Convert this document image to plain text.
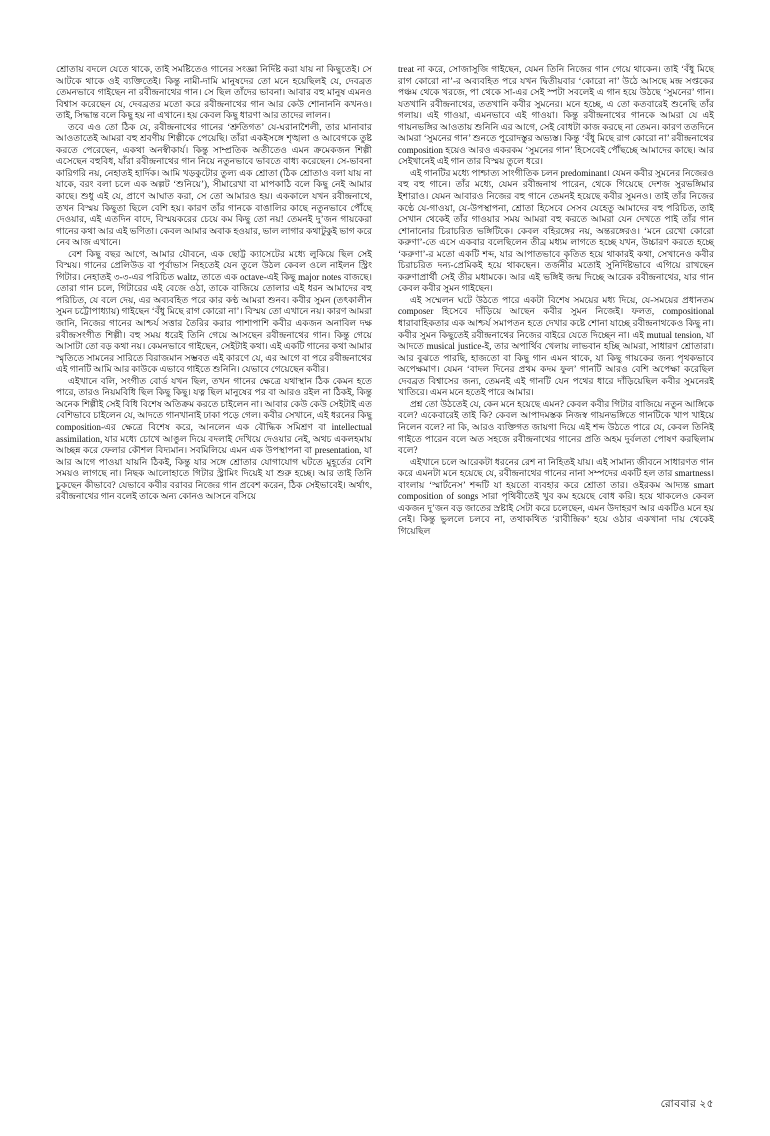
শ্রোতায় বদলে যেতে থাকে, তাই সমষ্টিতেও গানের সংজ্ঞা নির্দিষ্ট করা যায় না কিছুতেই। সে আটকে থাকে ওই ব্যক্তিতেই। কিন্তু নামী-দামি মানুষদের তো মনে হয়েছিলই যে, দেবব্রত তেমনভাবে গাইছেন না রবীন্দ্রনাথের গান। সে ছিল তাঁদের ভাবনা। আবার বহু মানুষ এমনও বিশ্বাস করেছেন যে, দেবব্রতর মতো করে রবীন্দ্রনাথের গান আর কেউ শোনাননি কখনও। তাই, সিদ্ধান্ত বলে কিছু হয় না এখানে। হয় কেবল কিছু ধারণা আর তাদের লালন।

তবে এও তো ঠিক যে, রবীন্দ্রনাথের গানের ‘শ্রুতিগত’ যে-ঘরানাশৈলী, তার মানাবার আওতাতেই আমরা বহু শ্রবণীয় শিল্পীকে পেয়েছি। তাঁরা একইসঙ্গে শৃঙ্খলা ও আবেগকে তুষ্ট করতে পেরেছেন, একথা অনস্বীকার্য। কিন্তু সাম্প্রতিক অতীতেও এমন ক্রমেকজন শিল্পী এসেছেন বহুবিধ, যাঁরা রবীন্দ্রনাথের গান নিয়ে নতুনভাবে ভাবতে বাধ্য করেছেন। সে-ভাবনা কারিগরি নয়, নেহাতই হার্দিক। আমি খড়কুটোর তুল্য এক শ্রোতা (ঠিক শ্রোতাও বলা যায় না যাকে, বরং বলা চলে এক অল্পট ‘শুনিয়ে’), সীমারেখা বা মাপকাঠি বলে কিছু নেই আমার কাছে। শুধু এই যে, প্রাণে আঘাত করা, সে তো আমারও হয়। এককালে যখন রবীন্দ্রনাথে, তখন বিস্ময় কিছুতা ছিলে বেশি হয়। কারণ তাঁর গানকে বাঙালির কাছে নতুনভাবে পৌঁছে দেওয়ার, এই এতদিন বাদে, বিস্ময়করের চেয়ে কম কিছু তো নয়! তেমনই দু’জন গায়কেরা গানের কথা আর এই ভণিতা। কেবল আমার অবাক হওয়ার, ভাল লাগার কথাটুকুই ভাগ করে নেব আজ এখানে।

বেশ কিছু বছর আগে, আমার যৌবনে, এক ছোট্ট ক্যাসেটের মধ্যে লুকিয়ে ছিল সেই বিস্ময়। গানের প্রেলিউড বা পূর্বাভাস নিহতেই যেন তুলে উঠল কেবল ওলে নাইলন স্ট্রিং গিটার। নেহাতই ৩-৩-এর পরিচিত waltz, তাতে এক octave-এই কিছু major notes বাজছে। তোরা গান চলে, গিটারের এই বেজে ওঠা, তাকে বাজিয়ে তোলার এই ধরন আমাদের বহু পরিচিত, যে বলে দেয়, এর অব্যবহিত পরে কার কণ্ঠ আমরা শুনব। কবীর সুমন (তৎকালীন সুমন চট্টোপাধ্যায়) গাইছেন ‘বঁধু মিছে রাগ কোরো না’। বিস্ময় তো এখানে নয়। কারণ আমরা জানি, নিজের গানের আশ্চর্য সত্তার তৈরির করার পাশাপাশি কবীর একজন অনাবিল দক্ষ রবীন্দ্রসংগীত শিল্পী। বহু সময় ধরেই তিনি গেয়ে আসছেন রবীন্দ্রনাথের গান। কিন্তু গেয়ে আসাটা তো বড় কথা নয়। কেমনভাবে গাইছেন, সেইটাই কথা। এই একটি গানের কথা আমার স্মৃতিতে সামনের সারিতে বিরাজমান সম্ভবত এই কারণে যে, এর আগে বা পরে রবীন্দ্রনাথের এই গানটি আমি আর কাউকে এভাবে গাইতে শুনিনি। যেভাবে গেয়েছেন কবীর।

এইখানে বলি, সংগীত বোর্ড যখন ছিল, তখন গানের ক্ষেত্রে যথাস্থান ঠিক কেমন হতে পারে, তারও নিয়মবিধি ছিল কিছু কিছু। যত্ন ছিল মানুষের পর বা আরও রইল না ঠিকই, কিন্তু অনেক শিল্পীই সেই বিধি বিশেষ অতিক্রম করতে চাইলেন না। আবার কেউ কেউ সেইটাই এত বেশিভাবে চাইলেন যে, আদতে গানখানাই ঢাকা পড়ে গেল। কবীর সেখানে, এই ধরনের কিছু composition-এর ক্ষেত্রে বিশেষ করে, আনলেন এক বৌদ্ধিক সমিশ্রণ বা intellectual assimilation, যার মধ্যে চোখে আঙুল দিয়ে বদলাই দেখিয়ে দেওয়ার নেই, অথচ একলহমায় আচ্ছন্ন করে ফেলার কৌশল বিদ্যমান। সবমিলিয়ে এমন এক উপস্থাপনা বা presentation, যা আর আগে পাওয়া যায়নি ঠিকই, কিন্তু যার সঙ্গে শ্রোতার যোগাযোগ ঘটতে মুহূর্তের বেশি সময়ও লাগছে না। নিছক আলোহাতে গিটার স্ট্রামিং দিয়েই যা শুরু হচ্ছে। আর তাই তিনি চুকছেন কীভাবে? যেভাবে কবীর বরাবর নিজের গান প্রবেশ করেন, ঠিক সেইভাবেই। অর্থাৎ, রবীন্দ্রনাথের গান বলেই তাকে অন্য কোনও আসনে বসিয়ে

treat না করে, সোজাসুজি গাইছেন, যেমন তিনি নিজের গান গেয়ে থাকেন। তাই ‘বঁধু মিছে রাগ কোরো না’-র অব্যবহিত পরে যখন দ্বিতীয়বার ‘কোরো না’ উঠে আসছে মন্দ্র সপ্তকের পঞ্চম থেকে খরজে, পা থেকে সা-এর সেই স্পটা সবলেই এ গান হয়ে উঠছে ‘সুমনের’ গান। যতখানি রবীন্দ্রনাথের, ততখানি কবীর সুমনের। মনে হচ্ছে, এ তো কতবারেই শুনেছি তাঁর গলায়। এই গাওয়া, এমনভাবে এই গাওয়া। কিন্তু রবীন্দ্রনাথের গানকে আমরা যে এই গায়নভঙ্গির আওতায় শুনিনি এর আগে, সেই বোধটা কাজ করছে না তেমন। কারণ ততদিনে আমরা ‘সুমনের গান’ শুনতে পুরোদস্তুর অভ্যস্ত। কিন্তু ‘বঁধু মিছে রাগ কোরো না’ রবীন্দ্রনাথের composition হয়েও আরও একরকম ‘সুমনের গান’ হিসেবেই পৌঁছচ্ছে আমাদের কাছে। আর সেইখানেই এই গান তার বিস্ময় তুলে ধরে।

এই গানটির মধ্যে পাশ্চাত্য সাংগীতিক চলন predominant। যেমন কবীর সুমনের নিজেরও বহু বহু গানে। তাঁর মধ্যে, যেমন রবীন্দ্রনাথ পারেন, থেকে গিয়েছে দেশজ সুরভঙ্গিমার ইশারাও। যেমন আবারও নিজের বহু গানে তেমনই হয়েছে কবীর সুমনও। তাই তাঁর নিজের কণ্ঠে যে-গাওয়া, যে-উপস্থাপনা, শ্রোতা হিসেবে সেসব যেহেতু আমাদের বহু পরিচিত, তাই সেখান থেকেই তাঁর গাওয়ার সময় আমরা বহু করতে আমরা যেন দেখতে পাই তাঁর গান শোনানোর চিরাচরিত ভঙ্গিটিকে। কেবল বহিরঙ্গের নয়, অন্তরঙ্গেরও। ‘মনে রেখো কোরো করুণা’-তে এসে একবার বলেছিলেন তীব্র মধ্যম লাগতে হচ্ছে যখন, উচ্চারণ করতে হচ্ছে ‘করুণা’-র মতো একটি শব্দ, যার আপাতভাবে কৃতিত হয়ে থাকারই কথা, সেখানেও কবীর চিরাচরিত দন্য-প্রেমিকই হয়ে থাকছেন। তর্জনীর মতোই সুনির্দিষ্টভাবে এগিয়ে রাখছেন করুণাপ্রার্থী সেই তীর মধামকে। আর এই ভঙ্গিই জন্ম দিচ্ছে আরেক রবীন্দ্রনাথের, যার গান কেবল কবীর সুমন গাইছেন।

এই সম্মেলন ঘটে উঠতে পারে একটা বিশেষ সময়ের মধ্য দিয়ে, যে-সময়ের প্রধানতম composer হিসেবে দাঁড়িয়ে আছেন কবীর সুমন নিজেই। ফলত, compositional ধারাবাহিকতার এক আশ্চর্য সমাপতন হতে দেখার কষ্টে শোনা যাচ্ছে রবীন্দ্রনাথকেও কিছু না। কবীর সুমন কিছুতেই রবীন্দ্রনাথের নিজের বাইরে যেতে দিচ্ছেন না। এই mutual tension, যা আদতে musical justice-ই, তার অপার্থিব খেলায় লাভবান হচ্ছি আমরা, সাধারণ শ্রোতারা। আর বুঝতে পারছি, হাজতো বা কিছু গান এমন থাকে, যা কিছু গায়কের জন্য পৃথকভাবে অপেক্ষমাণ। যেমন ‘বাদল দিনের প্রথম কদম ফুল’ গানটি আরও বেশি অপেক্ষা করেছিল দেবব্রত বিশ্বাসের জন্য, তেমনই এই গানটি যেন পথের ধারে দাঁড়িয়েছিল কবীর সুমনেরই খাতিরে। এমন মনে হতেই পারে আমার।

প্রশ্ন তো উঠতেই যে, কেন মনে হয়েছে এমন? কেবল কবীর গিটার বাজিয়ে নতুন আঙ্গিকে বলে? একেবারেই তাই কি? কেবল আপাদমস্তক নিজস্ব গায়নভঙ্গিতে গানটিকে খাপ খাইয়ে নিলেন বলে? না কি, আরও ব্যক্তিগত জায়গা দিয়ে এই শব্দ উঠতে পারে যে, কেবল তিনিই গাইতে পারেন বলে অত সহজে রবীন্দ্রনাথের গানের প্রতি অহম দুর্বলতা পোষণ করছিলাম বলে?

এইখানে চলে আরেকটা ধরনের রেশ না নিহিতই যায়। এই সামান্য জীবনে সাধারণত গান করে এমনটা মনে হয়েছে যে, রবীন্দ্রনাথের গানের নানা সম্পদের একটি হল তার smartness। বাংলায় ‘স্মার্টনেস’ শব্দটি যা হয়তো ব্যবহার করে শ্রোতা তার। ওইরকম আদ্যন্ত smart composition of songs সারা পৃথিবীতেই খুব কম হয়েছে বোধ করি। হয়ে থাকলেও কেবল একজন দু’জন বড় জাতের স্রষ্টাই সেটা করে চলেছেন, এমন উদাহরণ আর একটিও মনে হয় নেই। কিন্তু ভুললে চলবে না, তথাকথিত ‘রাবীন্দ্রিক’ হয়ে ওঠার একখানা দায় থেকেই গিয়েছিল

রোববার ২৫
